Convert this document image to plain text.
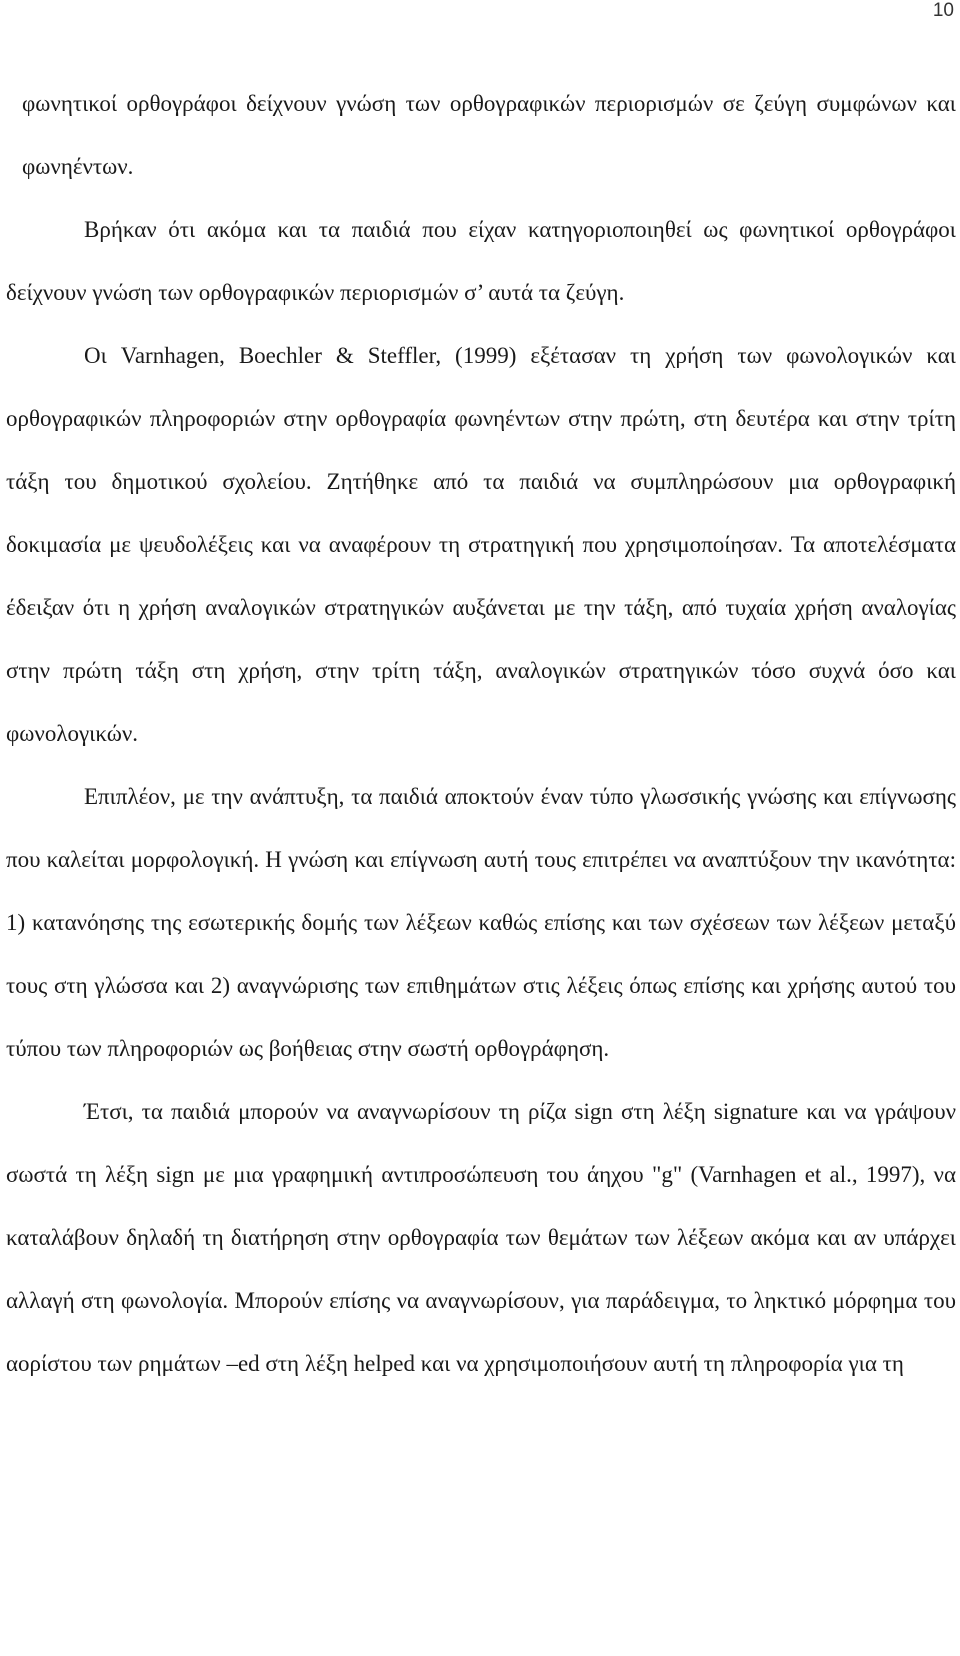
10

φωνητικοί ορθογράφοι δείχνουν γνώση των ορθογραφικών περιορισμών σε ζεύγη συμφώνων και φωνηέντων.

Βρήκαν ότι ακόμα και τα παιδιά που είχαν κατηγοριοποιηθεί ως φωνητικοί ορθογράφοι δείχνουν γνώση των ορθογραφικών περιορισμών σ’ αυτά τα ζεύγη.

Οι Varnhagen, Boechler & Steffler, (1999) εξέτασαν τη χρήση των φωνολογικών και ορθογραφικών πληροφοριών στην ορθογραφία φωνηέντων στην πρώτη, στη δευτέρα και στην τρίτη τάξη του δημοτικού σχολείου. Ζητήθηκε από τα παιδιά να συμπληρώσουν μια ορθογραφική δοκιμασία με ψευδολέξεις και να αναφέρουν τη στρατηγική που χρησιμοποίησαν. Τα αποτελέσματα έδειξαν ότι η χρήση αναλογικών στρατηγικών αυξάνεται με την τάξη, από τυχαία χρήση αναλογίας στην πρώτη τάξη στη χρήση, στην τρίτη τάξη, αναλογικών στρατηγικών τόσο συχνά όσο και φωνολογικών.

Επιπλέον, με την ανάπτυξη, τα παιδιά αποκτούν έναν τύπο γλωσσικής γνώσης και επίγνωσης που καλείται μορφολογική. Η γνώση και επίγνωση αυτή τους επιτρέπει να αναπτύξουν την ικανότητα: 1) κατανόησης της εσωτερικής δομής των λέξεων καθώς επίσης και των σχέσεων των λέξεων μεταξύ τους στη γλώσσα και 2) αναγνώρισης των επιθημάτων στις λέξεις όπως επίσης και χρήσης αυτού του τύπου των πληροφοριών ως βοήθειας στην σωστή ορθογράφηση.

Έτσι, τα παιδιά μπορούν να αναγνωρίσουν τη ρίζα sign στη λέξη signature και να γράψουν σωστά τη λέξη sign με μια γραφημική αντιπροσώπευση του άηχου "g" (Varnhagen et al., 1997), να καταλάβουν δηλαδή τη διατήρηση στην ορθογραφία των θεμάτων των λέξεων ακόμα και αν υπάρχει αλλαγή στη φωνολογία. Μπορούν επίσης να αναγνωρίσουν, για παράδειγμα, το ληκτικό μόρφημα του αορίστου των ρημάτων –ed στη λέξη helped και να χρησιμοποιήσουν αυτή τη πληροφορία για τη
